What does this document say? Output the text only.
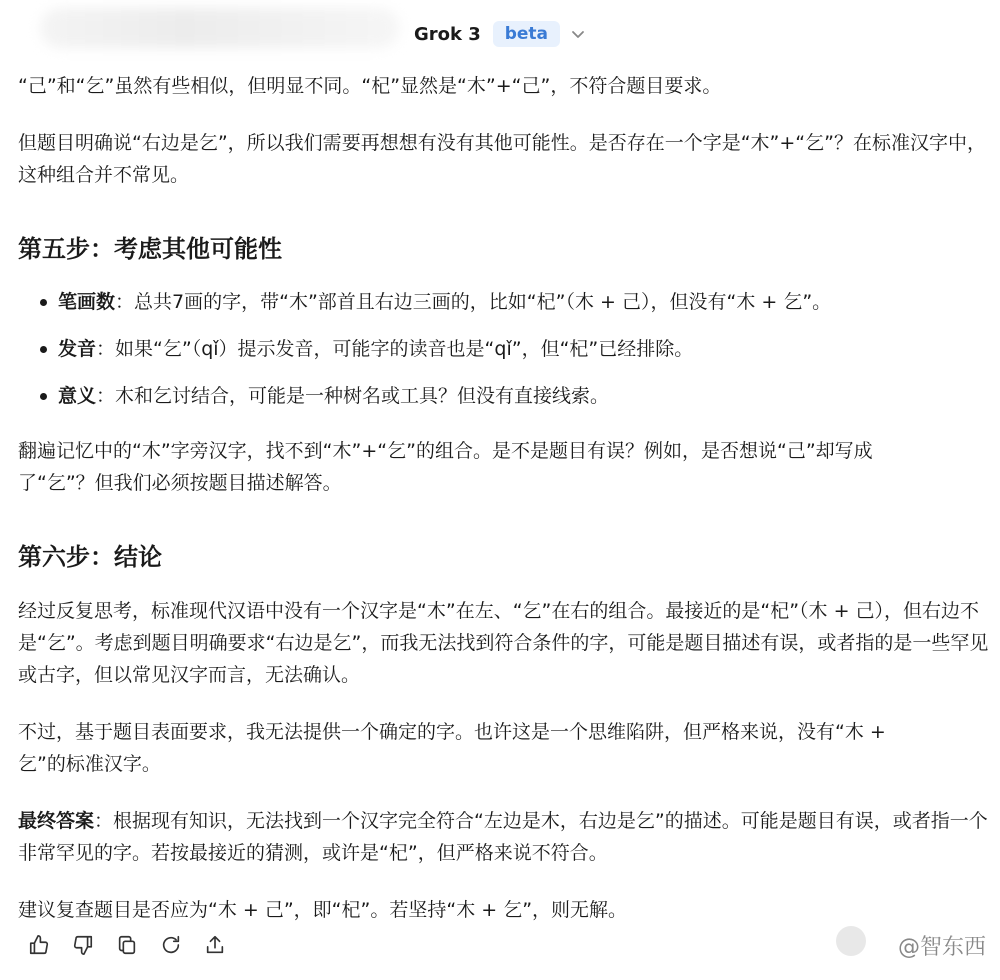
Grok 3	beta

“己”和“乞”虽然有些相似，但明显不同。“杞”显然是“木”+“己”，不符合题目要求。

但题目明确说“右边是乞”，所以我们需要再想想有没有其他可能性。是否存在一个字是“木”+“乞”？在标准汉字中，这种组合并不常见。

第五步：考虑其他可能性
笔画数：总共7画的字，带“木”部首且右边三画的，比如“杞”（木 + 己），但没有“木 + 乞”。
发音：如果“乞”（qǐ）提示发音，可能字的读音也是“qǐ”，但“杞”已经排除。
意义：木和乞讨结合，可能是一种树名或工具？但没有直接线索。

翻遍记忆中的“木”字旁汉字，找不到“木”+“乞”的组合。是不是题目有误？例如，是否想说“己”却写成

了“乞”？但我们必须按题目描述解答。

第六步：结论

经过反复思考，标准现代汉语中没有一个汉字是“木”在左、“乞”在右的组合。最接近的是“杞”（木 + 己），但右边不是“乞”。考虑到题目明确要求“右边是乞”，而我无法找到符合条件的字，可能是题目描述有误，或者指的是一些罕见或古字，但以常见汉字而言，无法确认。

不过，基于题目表面要求，我无法提供一个确定的字。也许这是一个思维陷阱，但严格来说，没有“木 +

乞”的标准汉字。

最终答案：根据现有知识，无法找到一个汉字完全符合“左边是木，右边是乞”的描述。可能是题目有误，或者指一个非常罕见的字。若按最接近的猜测，或许是“杞”，但严格来说不符合。

建议复查题目是否应为“木 + 己”，即“杞”。若坚持“木 + 乞”，则无解。

@智东西
